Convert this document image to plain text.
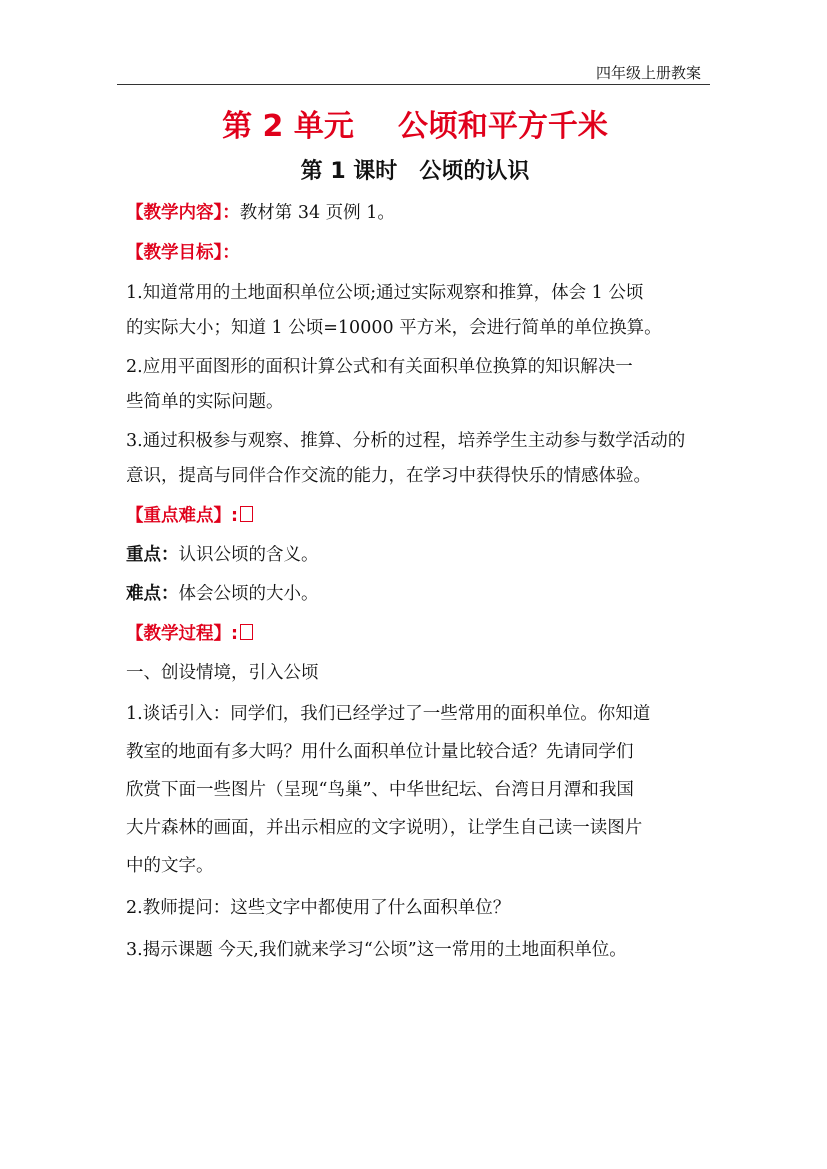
四年级上册教案
第 2 单元 公顷和平方千米
第 1 课时 公顷的认识

【教学内容】：教材第 34 页例 1。

【教学目标】：

1.知道常用的土地面积单位公顷;通过实际观察和推算，体会 1 公顷

的实际大小；知道 1 公顷=10000 平方米，会进行简单的单位换算。

2.应用平面图形的面积计算公式和有关面积单位换算的知识解决一

些简单的实际问题。

3.通过积极参与观察、推算、分析的过程，培养学生主动参与数学活动的

意识，提高与同伴合作交流的能力，在学习中获得快乐的情感体验。

【重点难点】:

重点：认识公顷的含义。

难点：体会公顷的大小。

【教学过程】:

一、创设情境，引入公顷

1.谈话引入：同学们，我们已经学过了一些常用的面积单位。你知道

教室的地面有多大吗？用什么面积单位计量比较合适？先请同学们

欣赏下面一些图片（呈现“鸟巢”、中华世纪坛、台湾日月潭和我国

大片森林的画面，并出示相应的文字说明），让学生自己读一读图片

中的文字。

2.教师提问：这些文字中都使用了什么面积单位？

3.揭示课题 今天,我们就来学习“公顷”这一常用的土地面积单位。
